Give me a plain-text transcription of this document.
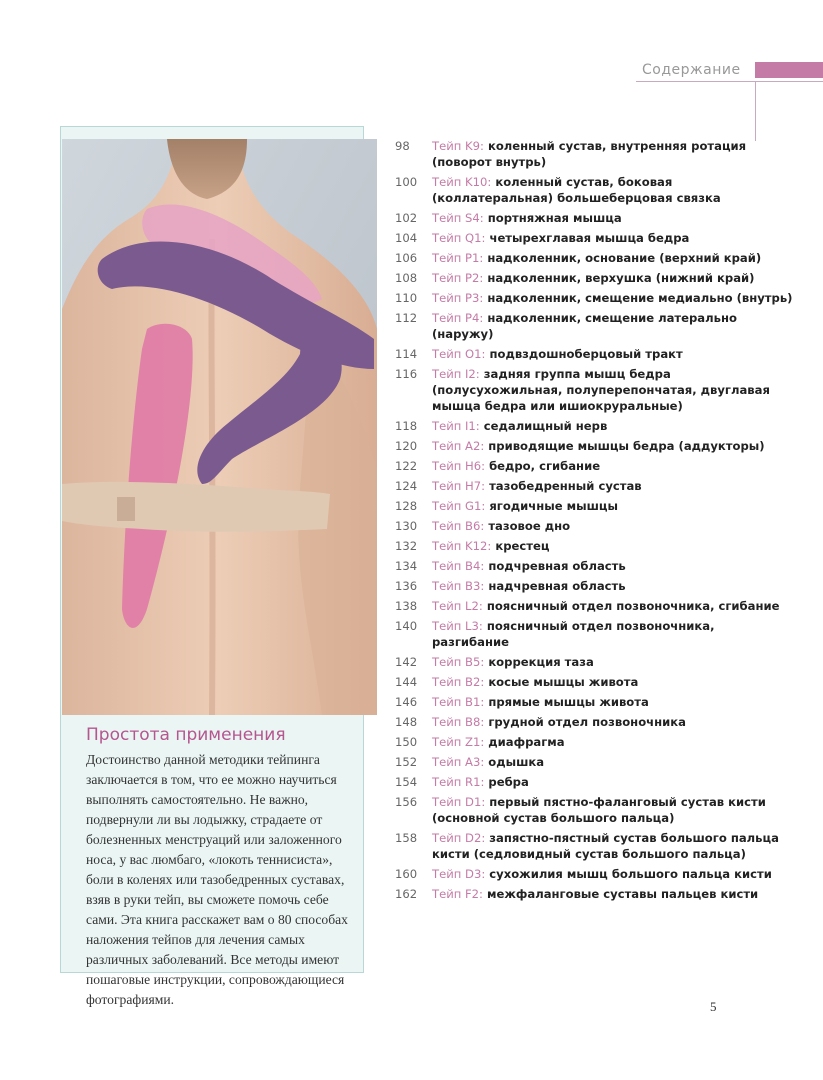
Содержание
Простота применения
Достоинство данной методики тейпинга заключается в том, что ее можно научиться выполнять самостоятельно. Не важно, подвернули ли вы лодыжку, страдаете от болезненных менструаций или заложенного носа, у вас люмбаго, «локоть теннисиста», боли в коленях или тазобедренных суставах, взяв в руки тейп, вы сможете помочь себе сами. Эта книга расскажет вам о 80 способах наложения тейпов для лечения самых различных заболеваний. Все методы имеют пошаговые инструкции, сопровождающиеся фотографиями.
98	Тейп K9: коленный сустав, внутренняя ротация (поворот внутрь)
100	Тейп K10: коленный сустав, боковая (коллатеральная) большеберцовая связка
102	Тейп S4: портняжная мышца
104	Тейп Q1: четырехглавая мышца бедра
106	Тейп P1: надколенник, основание (верхний край)
108	Тейп P2: надколенник, верхушка (нижний край)
110	Тейп P3: надколенник, смещение медиально (внутрь)
112	Тейп P4: надколенник, смещение латерально (наружу)
114	Тейп O1: подвздошноберцовый тракт
116	Тейп I2: задняя группа мышц бедра (полусухожильная, полуперепончатая, двуглавая мышца бедра или ишиокруральные)
118	Тейп I1: седалищный нерв
120	Тейп A2: приводящие мышцы бедра (аддукторы)
122	Тейп H6: бедро, сгибание
124	Тейп H7: тазобедренный сустав
128	Тейп G1: ягодичные мышцы
130	Тейп B6: тазовое дно
132	Тейп K12: крестец
134	Тейп B4: подчревная область
136	Тейп B3: надчревная область
138	Тейп L2: поясничный отдел позвоночника, сгибание
140	Тейп L3: поясничный отдел позвоночника, разгибание
142	Тейп B5: коррекция таза
144	Тейп B2: косые мышцы живота
146	Тейп B1: прямые мышцы живота
148	Тейп B8: грудной отдел позвоночника
150	Тейп Z1: диафрагма
152	Тейп A3: одышка
154	Тейп R1: ребра
156	Тейп D1: первый пястно-фаланговый сустав кисти (основной сустав большого пальца)
158	Тейп D2: запястно-пястный сустав большого пальца кисти (седловидный сустав большого пальца)
160	Тейп D3: сухожилия мышц большого пальца кисти
162	Тейп F2: межфаланговые суставы пальцев кисти
5
